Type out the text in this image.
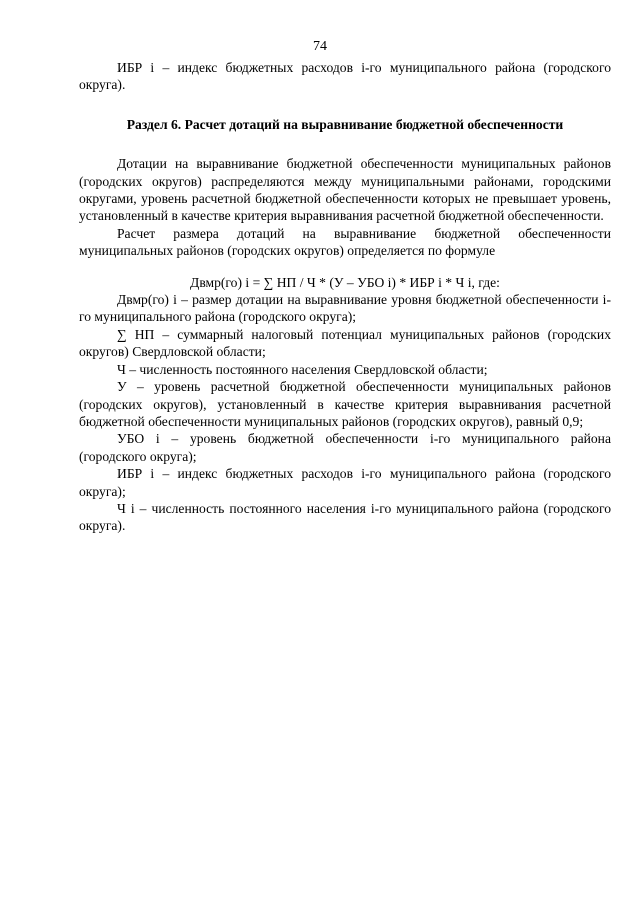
74

ИБР i – индекс бюджетных расходов i-го муниципального района (городского округа).

Раздел 6. Расчет дотаций на выравнивание бюджетной обеспеченности

Дотации на выравнивание бюджетной обеспеченности муниципальных районов (городских округов) распределяются между муниципальными районами, городскими округами, уровень расчетной бюджетной обеспеченности которых не превышает уровень, установленный в качестве критерия выравнивания расчетной бюджетной обеспеченности.

Расчет размера дотаций на выравнивание бюджетной обеспеченности муниципальных районов (городских округов) определяется по формуле

Двмр(го) i = ∑ НП / Ч * (У – УБО i) * ИБР i * Ч i, где:

Двмр(го) i – размер дотации на выравнивание уровня бюджетной обеспеченности i-го муниципального района (городского округа);

∑ НП – суммарный налоговый потенциал муниципальных районов (городских округов) Свердловской области;

Ч – численность постоянного населения Свердловской области;

У – уровень расчетной бюджетной обеспеченности муниципальных районов (городских округов), установленный в качестве критерия выравнивания расчетной бюджетной обеспеченности муниципальных районов (городских округов), равный 0,9;

УБО i – уровень бюджетной обеспеченности i-го муниципального района (городского округа);

ИБР i – индекс бюджетных расходов i-го муниципального района (городского округа);

Ч i – численность постоянного населения i-го муниципального района (городского округа).
